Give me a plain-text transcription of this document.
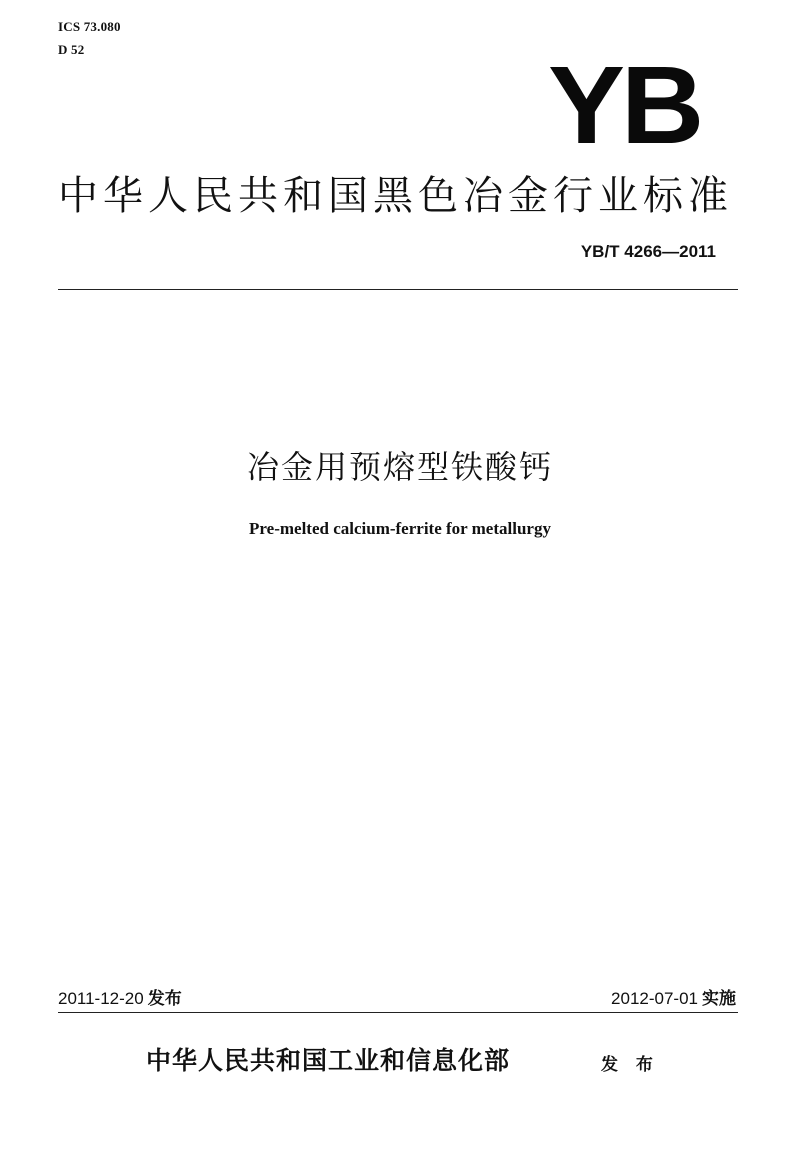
ICS 73.080
D 52	YB
中华人民共和国黑色冶金行业标准
YB/T 4266—2011
冶金用预熔型铁酸钙
Pre-melted calcium-ferrite for metallurgy
2011-12-20 发布	2012-07-01 实施
中华人民共和国工业和信息化部	发 布
